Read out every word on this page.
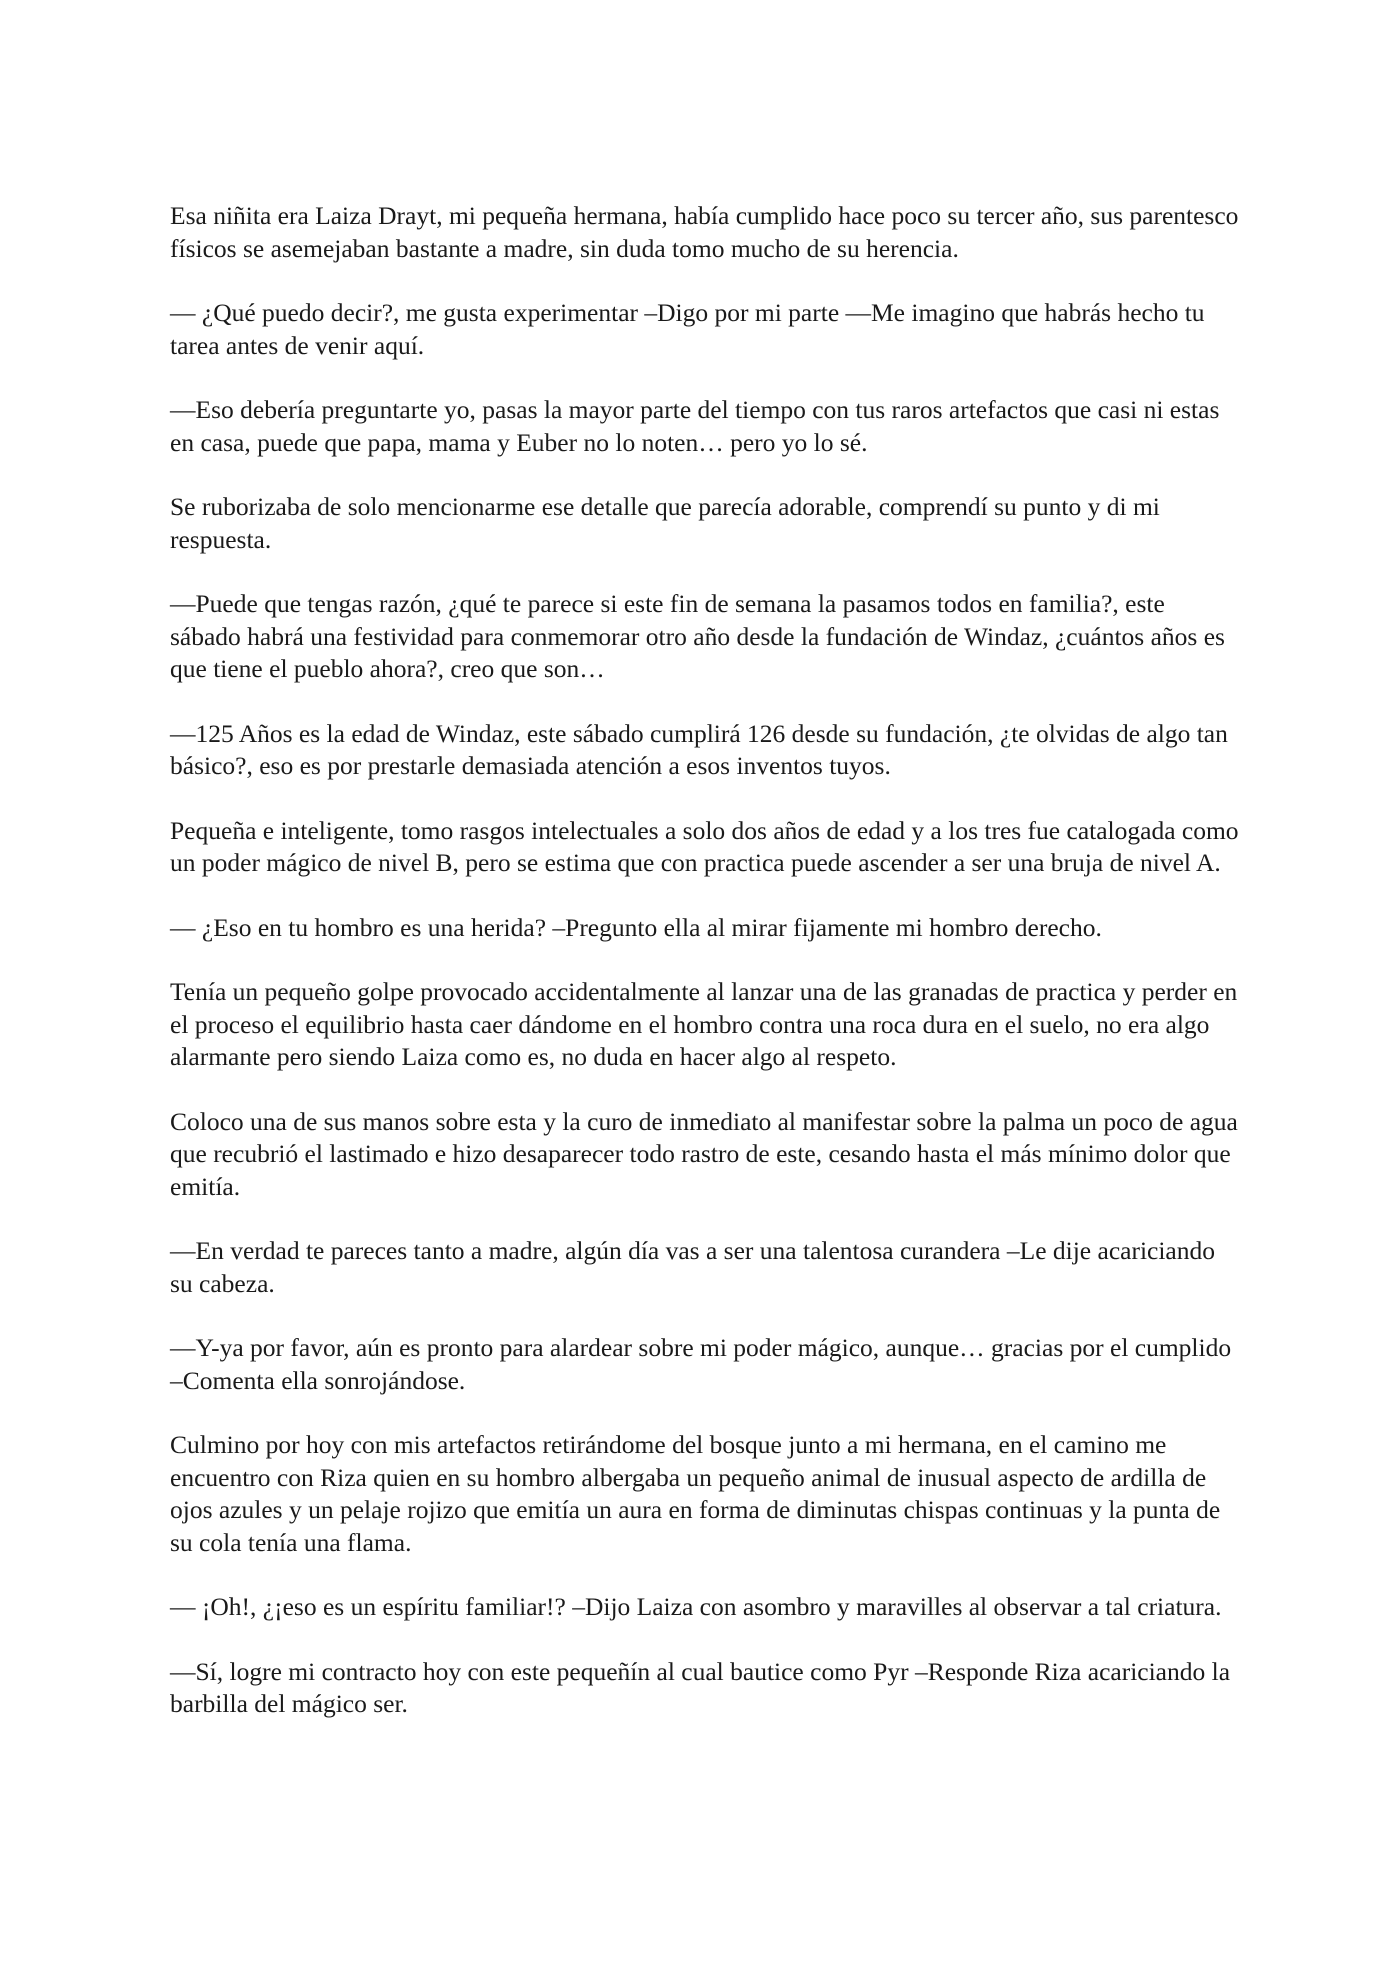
Esa niñita era Laiza Drayt, mi pequeña hermana, había cumplido hace poco su tercer año, sus parentesco físicos se asemejaban bastante a madre, sin duda tomo mucho de su herencia.

— ¿Qué puedo decir?, me gusta experimentar –Digo por mi parte —Me imagino que habrás hecho tu tarea antes de venir aquí.

—Eso debería preguntarte yo, pasas la mayor parte del tiempo con tus raros artefactos que casi ni estas en casa, puede que papa, mama y Euber no lo noten… pero yo lo sé.

Se ruborizaba de solo mencionarme ese detalle que parecía adorable, comprendí su punto y di mi respuesta.

—Puede que tengas razón, ¿qué te parece si este fin de semana la pasamos todos en familia?, este sábado habrá una festividad para conmemorar otro año desde la fundación de Windaz, ¿cuántos años es que tiene el pueblo ahora?, creo que son…

—125 Años es la edad de Windaz, este sábado cumplirá 126 desde su fundación, ¿te olvidas de algo tan básico?, eso es por prestarle demasiada atención a esos inventos tuyos.

Pequeña e inteligente, tomo rasgos intelectuales a solo dos años de edad y a los tres fue catalogada como un poder mágico de nivel B, pero se estima que con practica puede ascender a ser una bruja de nivel A.

— ¿Eso en tu hombro es una herida? –Pregunto ella al mirar fijamente mi hombro derecho.

Tenía un pequeño golpe provocado accidentalmente al lanzar una de las granadas de practica y perder en el proceso el equilibrio hasta caer dándome en el hombro contra una roca dura en el suelo, no era algo alarmante pero siendo Laiza como es, no duda en hacer algo al respeto.

Coloco una de sus manos sobre esta y la curo de inmediato al manifestar sobre la palma un poco de agua que recubrió el lastimado e hizo desaparecer todo rastro de este, cesando hasta el más mínimo dolor que emitía.

—En verdad te pareces tanto a madre, algún día vas a ser una talentosa curandera –Le dije acariciando su cabeza.

—Y-ya por favor, aún es pronto para alardear sobre mi poder mágico, aunque… gracias por el cumplido –Comenta ella sonrojándose.

Culmino por hoy con mis artefactos retirándome del bosque junto a mi hermana, en el camino me encuentro con Riza quien en su hombro albergaba un pequeño animal de inusual aspecto de ardilla de ojos azules y un pelaje rojizo que emitía un aura en forma de diminutas chispas continuas y la punta de su cola tenía una flama.

— ¡Oh!, ¿¡eso es un espíritu familiar!? –Dijo Laiza con asombro y maravilles al observar a tal criatura.

—Sí, logre mi contracto hoy con este pequeñín al cual bautice como Pyr –Responde Riza acariciando la barbilla del mágico ser.
